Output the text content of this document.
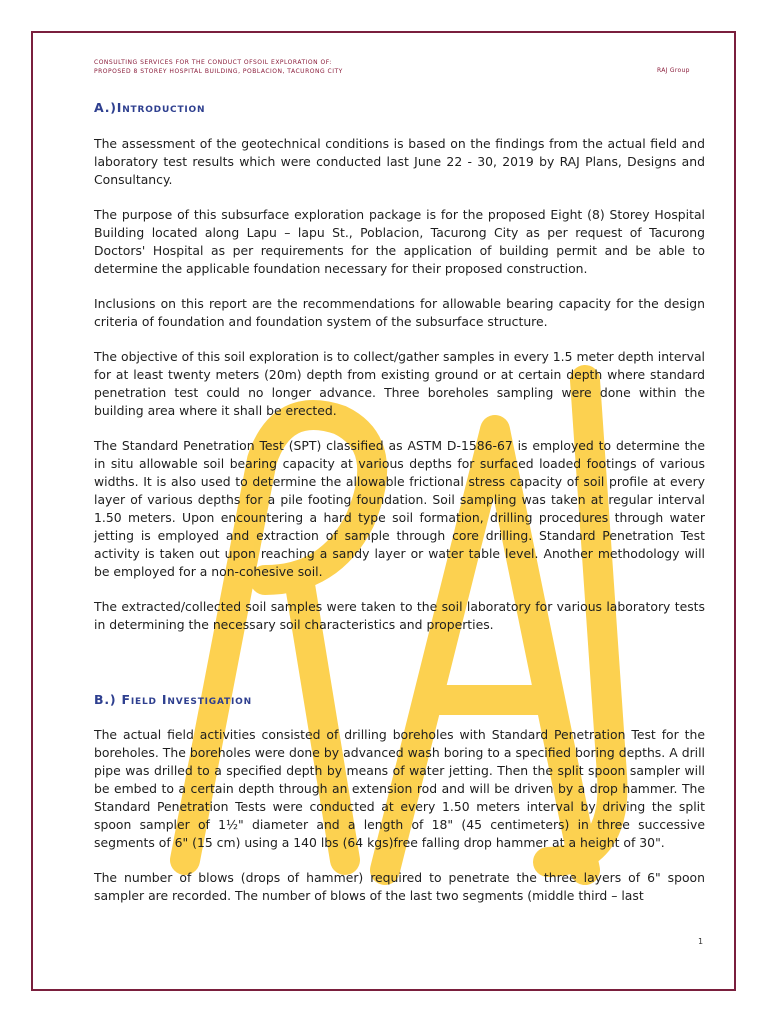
CONSULTING SERVICES FOR THE CONDUCT OFSOIL EXPLORATION OF:
PROPOSED 8 STOREY HOSPITAL BUILDING, POBLACION, TACURONG CITY	RAJ Group
A.)Introduction

The assessment of the geotechnical conditions is based on the findings from the actual field and laboratory test results which were conducted last June 22 - 30, 2019 by RAJ Plans, Designs and Consultancy.

The purpose of this subsurface exploration package is for the proposed Eight (8) Storey Hospital Building located along Lapu – lapu St., Poblacion, Tacurong City as per request of Tacurong Doctors' Hospital as per requirements for the application of building permit and be able to determine the applicable foundation necessary for their proposed construction.

Inclusions on this report are the recommendations for allowable bearing capacity for the design criteria of foundation and foundation system of the subsurface structure.

The objective of this soil exploration is to collect/gather samples in every 1.5 meter depth interval for at least twenty meters (20m) depth from existing ground or at certain depth where standard penetration test could no longer advance. Three boreholes sampling were done within the building area where it shall be erected.

The Standard Penetration Test (SPT) classified as ASTM D-1586-67 is employed to determine the in situ allowable soil bearing capacity at various depths for surfaced loaded footings of various widths. It is also used to determine the allowable frictional stress capacity of soil profile at every layer of various depths for a pile footing foundation. Soil sampling was taken at regular interval 1.50 meters. Upon encountering a hard type soil formation, drilling procedures through water jetting is employed and extraction of sample through core drilling. Standard Penetration Test activity is taken out upon reaching a sandy layer or water table level. Another methodology will be employed for a non-cohesive soil.

The extracted/collected soil samples were taken to the soil laboratory for various laboratory tests in determining the necessary soil characteristics and properties.

B.) Field Investigation

The actual field activities consisted of drilling boreholes with Standard Penetration Test for the boreholes. The boreholes were done by advanced wash boring to a specified boring depths. A drill pipe was drilled to a specified depth by means of water jetting. Then the split spoon sampler will be embed to a certain depth through an extension rod and will be driven by a drop hammer. The Standard Penetration Tests were conducted at every 1.50 meters interval by driving the split spoon sampler of 1½" diameter and a length of 18" (45 centimeters) in three successive segments of 6" (15 cm) using a 140 lbs (64 kgs)free falling drop hammer at a height of 30".

The number of blows (drops of hammer) required to penetrate the three layers of 6" spoon sampler are recorded. The number of blows of the last two segments (middle third – last

1
